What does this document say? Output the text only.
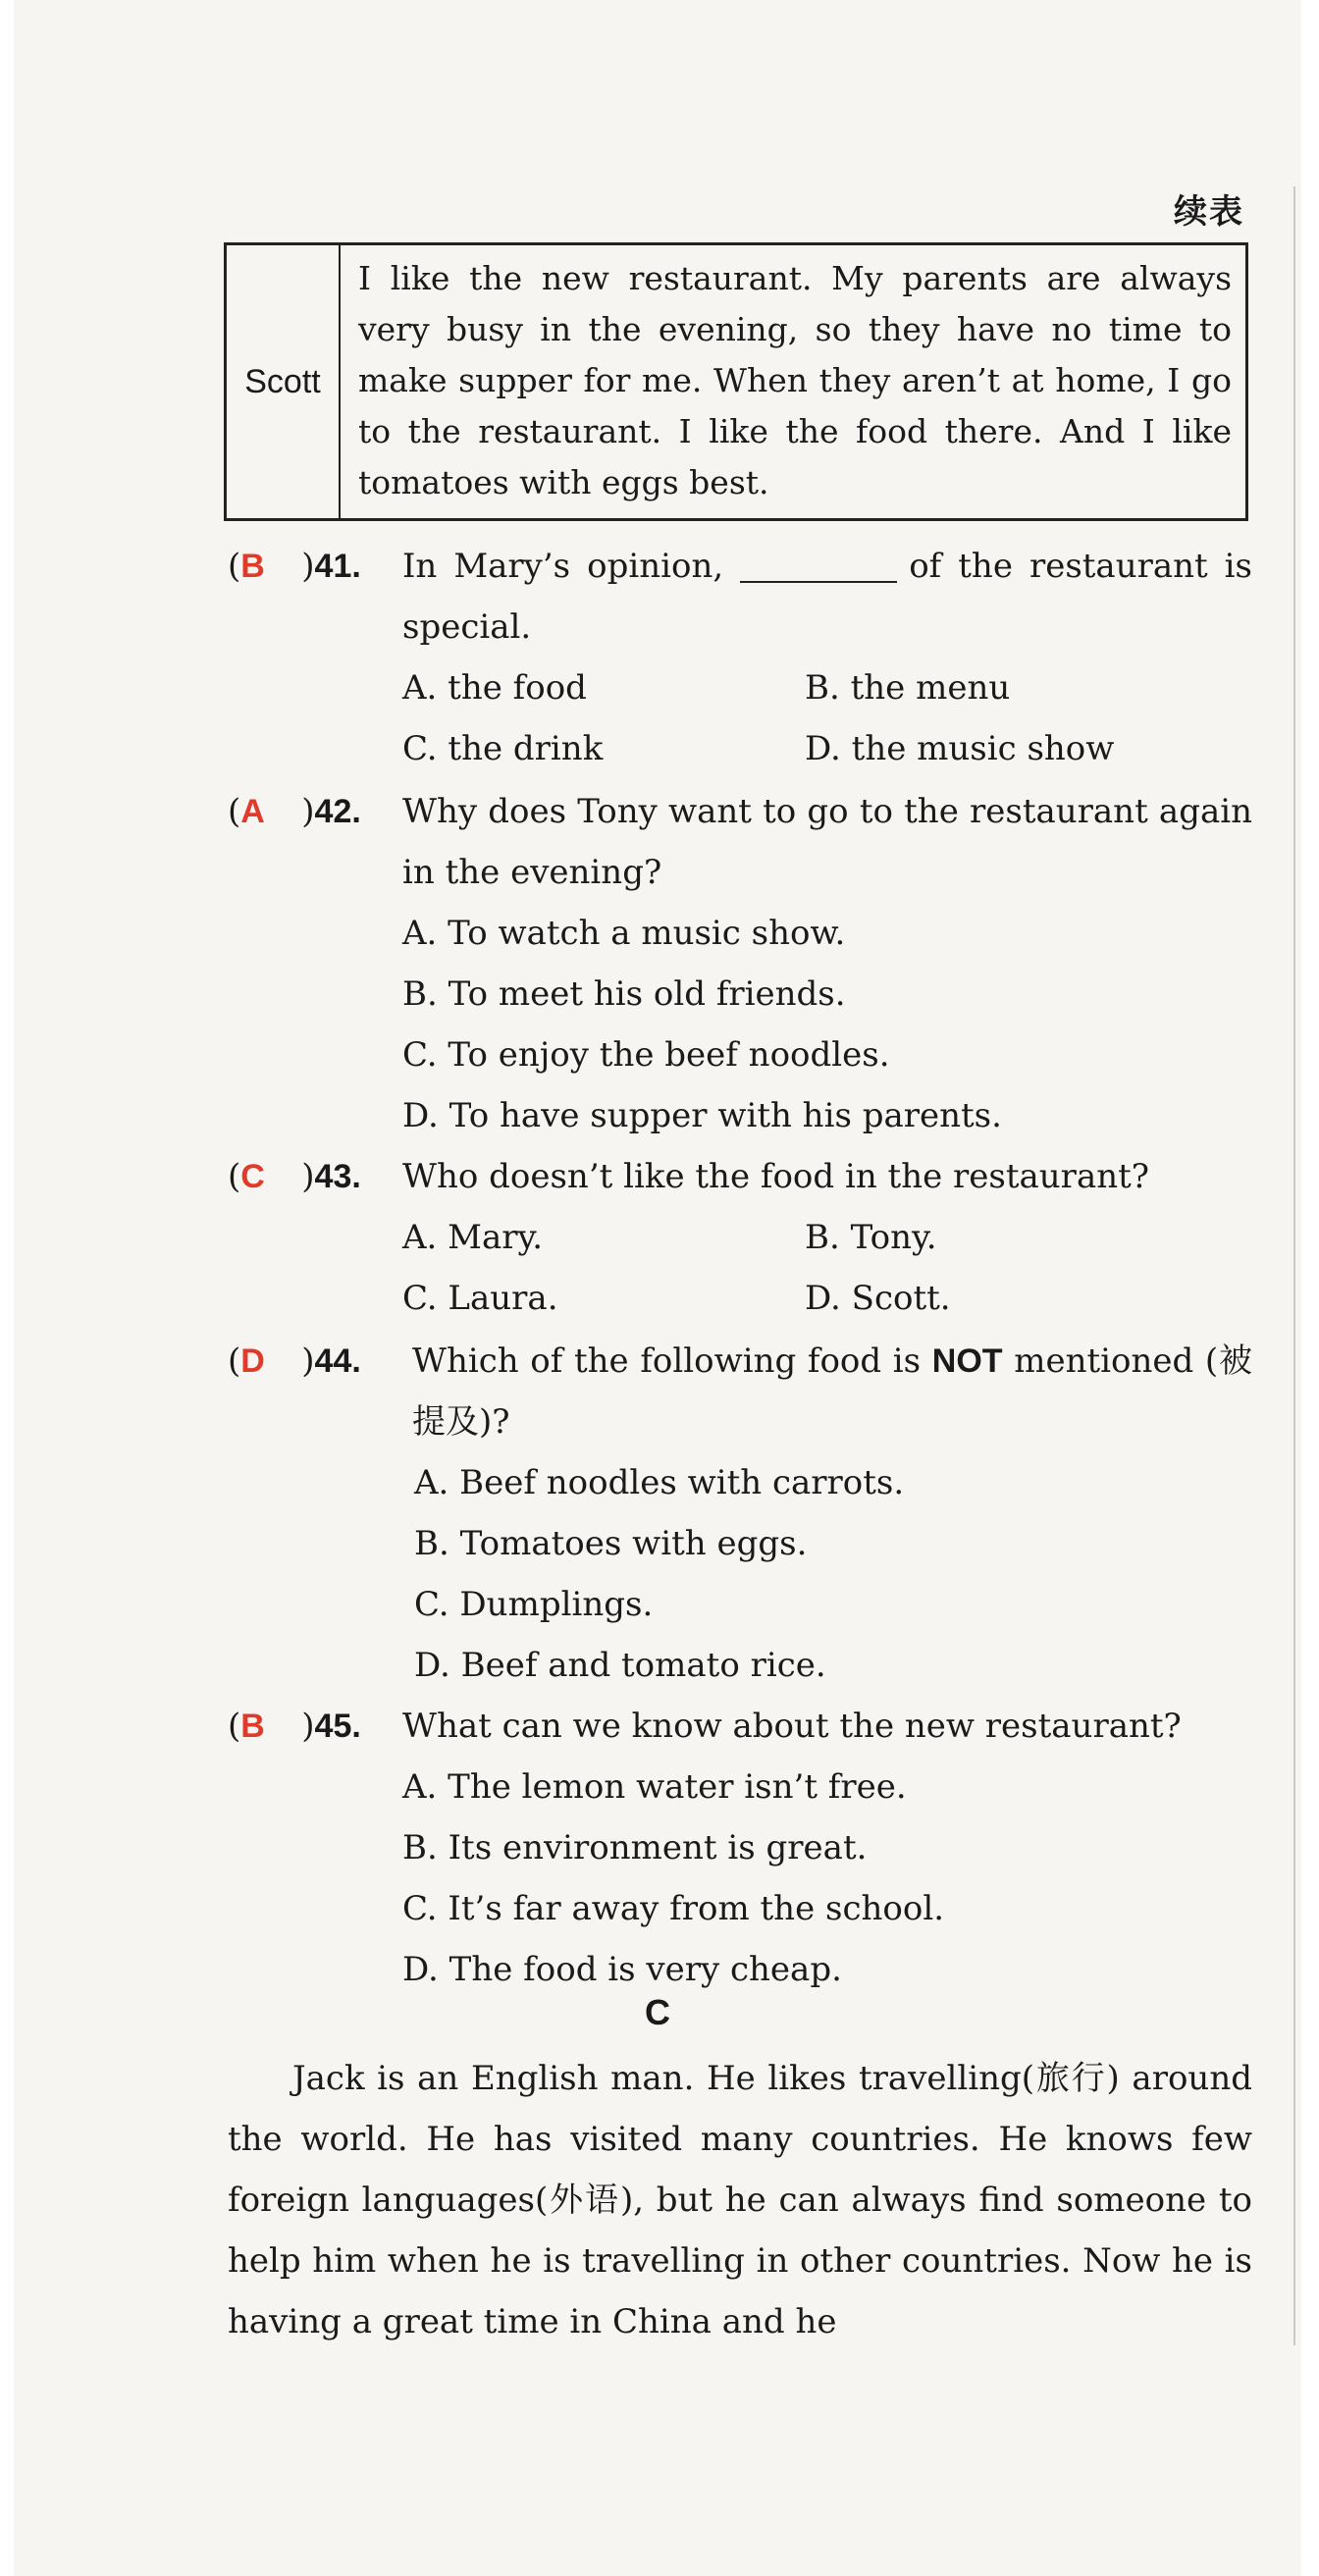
续表
Scott	I like the new restaurant. My parents are always very busy in the evening, so they have no time to make supper for me. When they aren’t at home, I go to the restaurant. I like the food there. And I like tomatoes with eggs best.
(B )41.	In Mary’s opinion,	of the restaurant is special.
A. the food	B. the menu
C. the drink	D. the music show
(A )42.	Why does Tony want to go to the restaurant again in the evening?
A. To watch a music show.
B. To meet his old friends.
C. To enjoy the beef noodles.
D. To have supper with his parents.
(C )43.	Who doesn’t like the food in the restaurant?
A. Mary.	B. Tony.
C. Laura.	D. Scott.
(D )44.	Which of the following food is NOT mentioned (被提及)?
A. Beef noodles with carrots.
B. Tomatoes with eggs.
C. Dumplings.
D. Beef and tomato rice.
(B )45.	What can we know about the new restaurant?
A. The lemon water isn’t free.
B. Its environment is great.
C. It’s far away from the school.
D. The food is very cheap.
C
Jack is an English man. He likes travelling(旅行) around the world. He has visited many countries. He knows few foreign languages(外语), but he can always find someone to help him when he is travelling in other countries. Now he is having a great time in China and he
